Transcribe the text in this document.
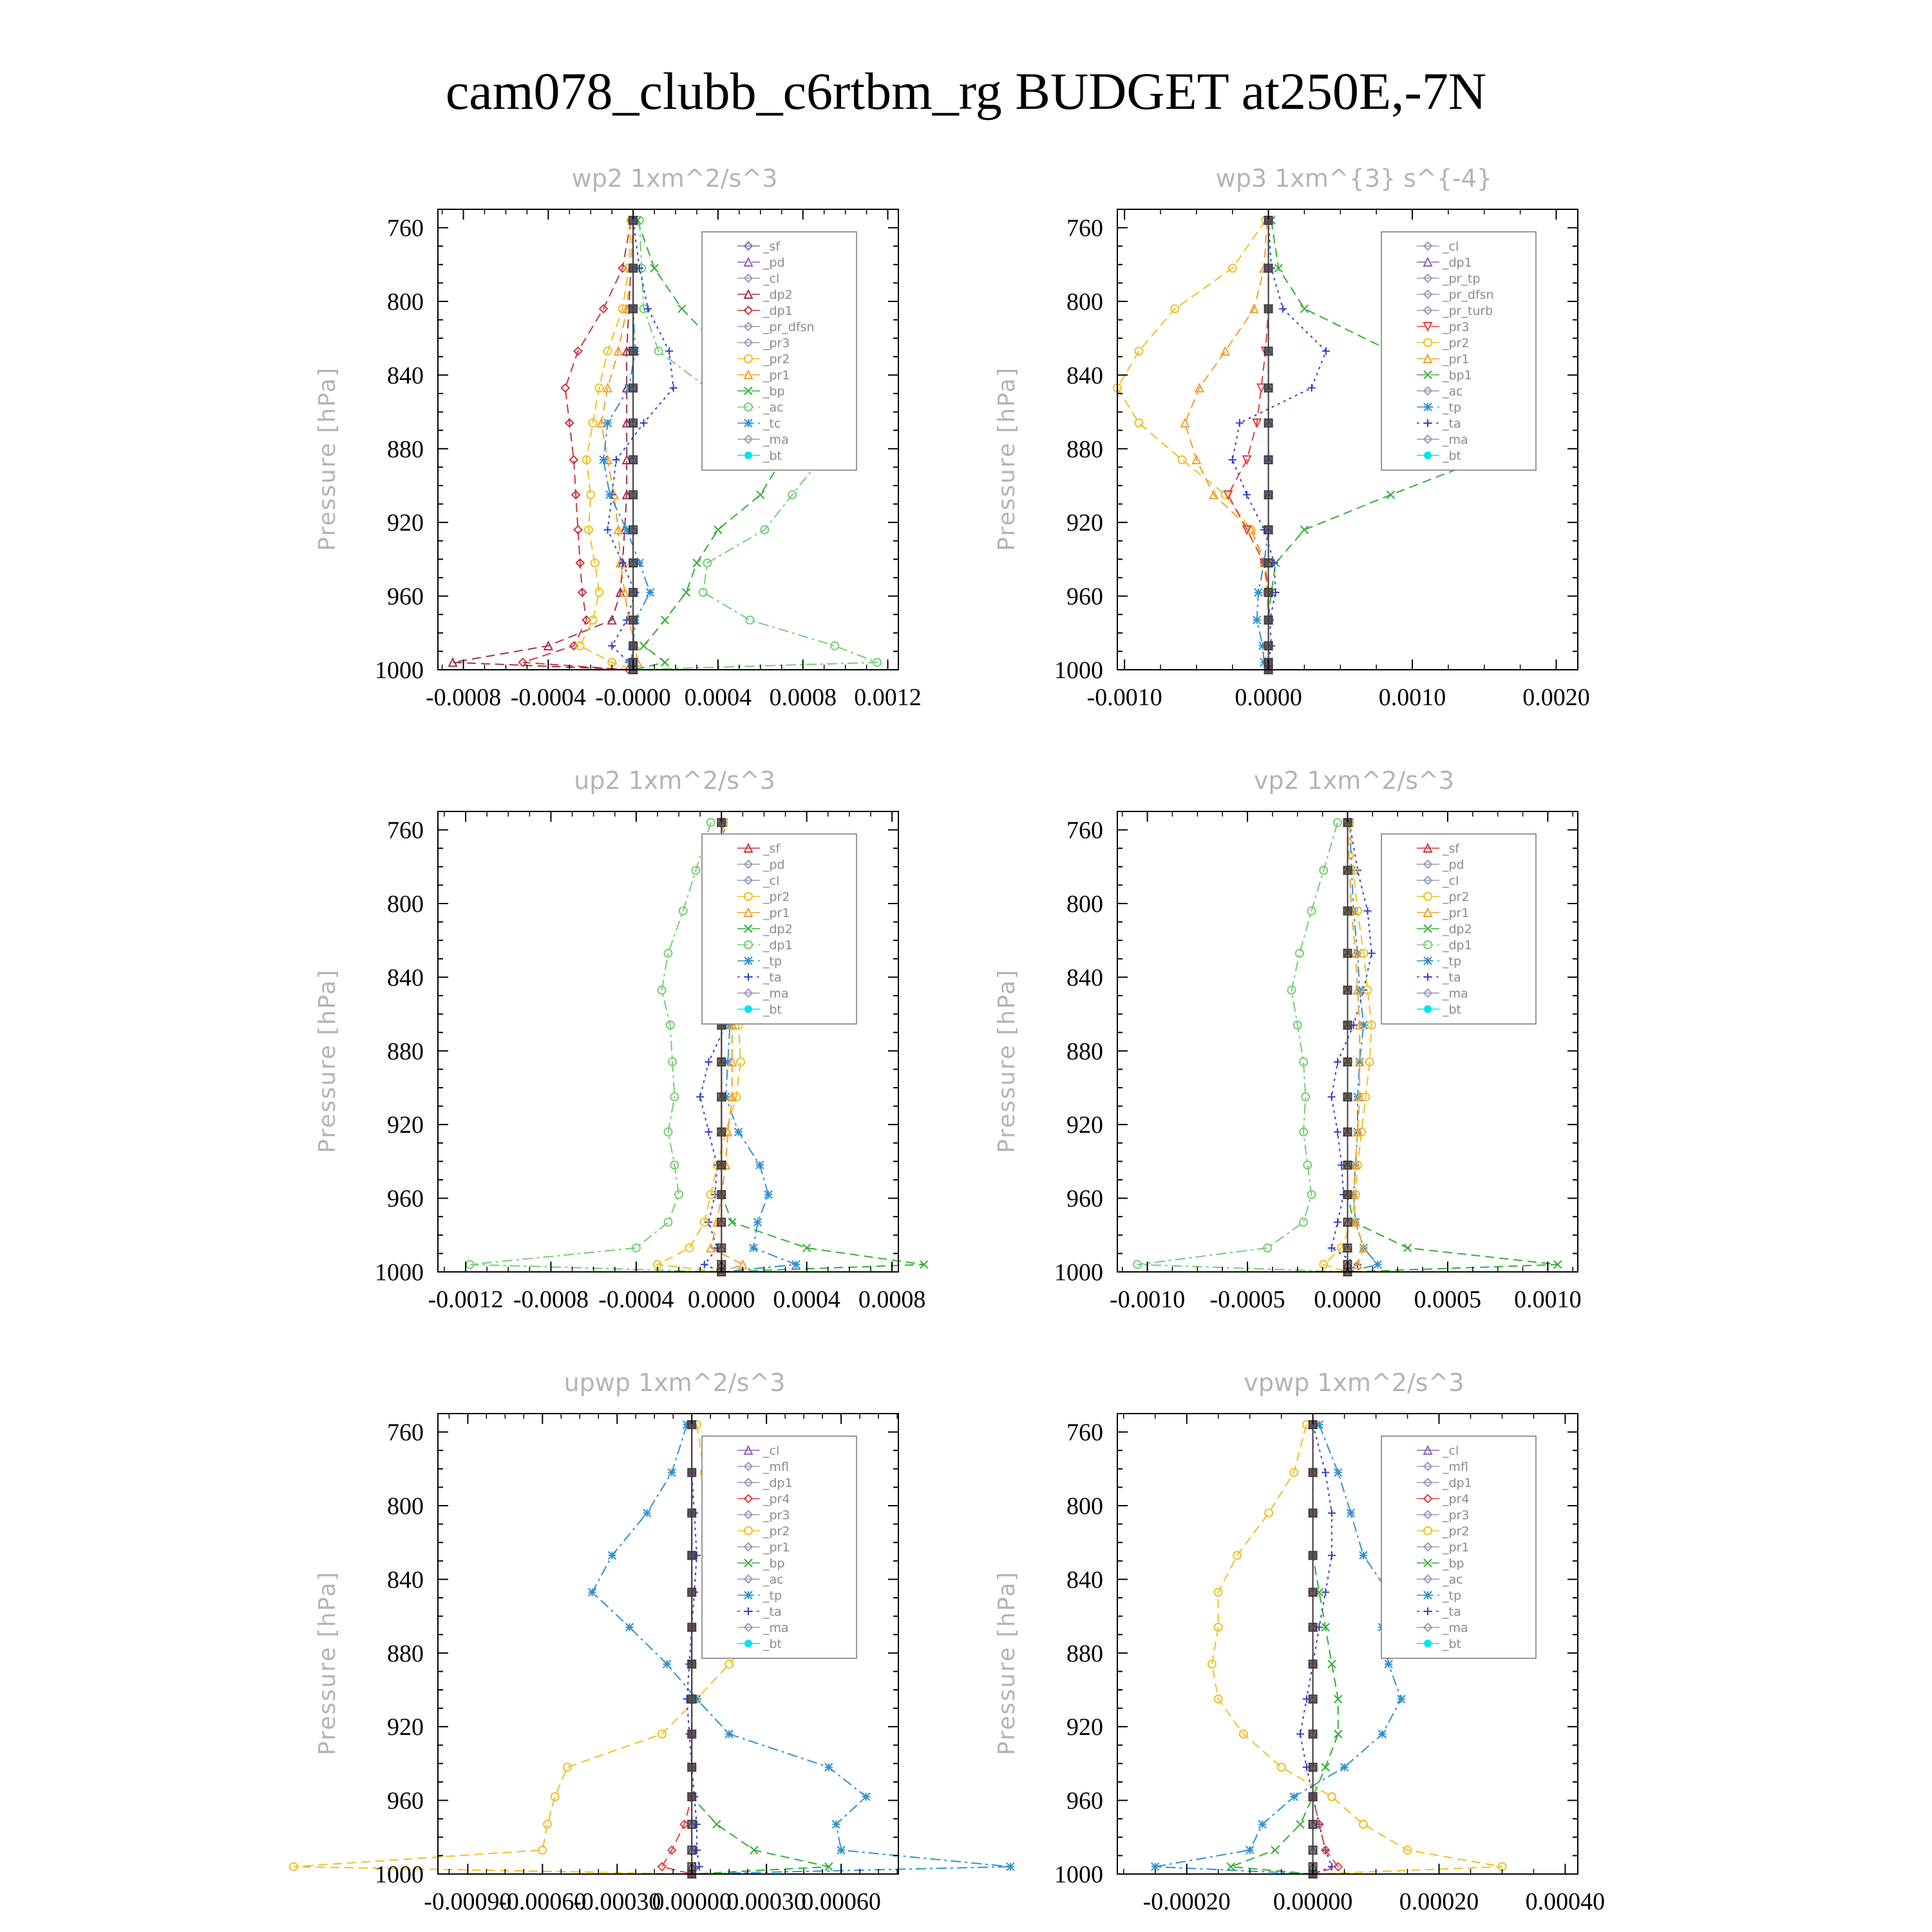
cam078_clubb_c6rtbm_rg BUDGET at250E,-7N
wp2 1xm^2/s^3
Pressure [hPa]
760
800
840
880
920
960
1000
-0.0008 -0.0004 -0.0000 0.0004 0.0008 0.0012
_sf
_pd
_cl
_dp2
_dp1
_pr_dfsn
_pr3
_pr2
_pr1
_bp
_ac
_tc
_ma
_bt
wp3 1xm^{3} s^{-4}
Pressure [hPa]
760
800
840
880
920
960
1000
-0.0010	0.0000	0.0010	0.0020
_cl
_dp1
_pr_tp
_pr_dfsn
_pr_turb
_pr3
_pr2
_pr1
_bp1
_ac
_tp
_ta
_ma
_bt
up2 1xm^2/s^3
Pressure [hPa]
760
800
840
880
920
960
1000
-0.0012 -0.0008 -0.0004 0.0000 0.0004 0.0008
_sf
_pd
_cl
_pr2
_pr1
_dp2
_dp1
_tp
_ta
_ma
_bt
vp2 1xm^2/s^3
Pressure [hPa]
760
800
840
880
920
960
1000
-0.0010 -0.0005 0.0000 0.0005 0.0010
_sf
_pd
_cl
_pr2
_pr1
_dp2
_dp1
_tp
_ta
_ma
_bt
upwp 1xm^2/s^3
Pressure [hPa]
760
800
840
880
920
960
1000
-0.00090
-0.00060
-0.00030
0.00000
0.00030
0.00060
_cl
_mfl
_dp1
_pr4
_pr3
_pr2
_pr1
_bp
_ac
_tp
_ta
_ma
_bt
vpwp 1xm^2/s^3
Pressure [hPa]
760
800
840
880
920
960
1000
-0.00020 0.00000 0.00020 0.00040
_cl
_mfl
_dp1
_pr4
_pr3
_pr2
_pr1
_bp
_ac
_tp
_ta
_ma
_bt
